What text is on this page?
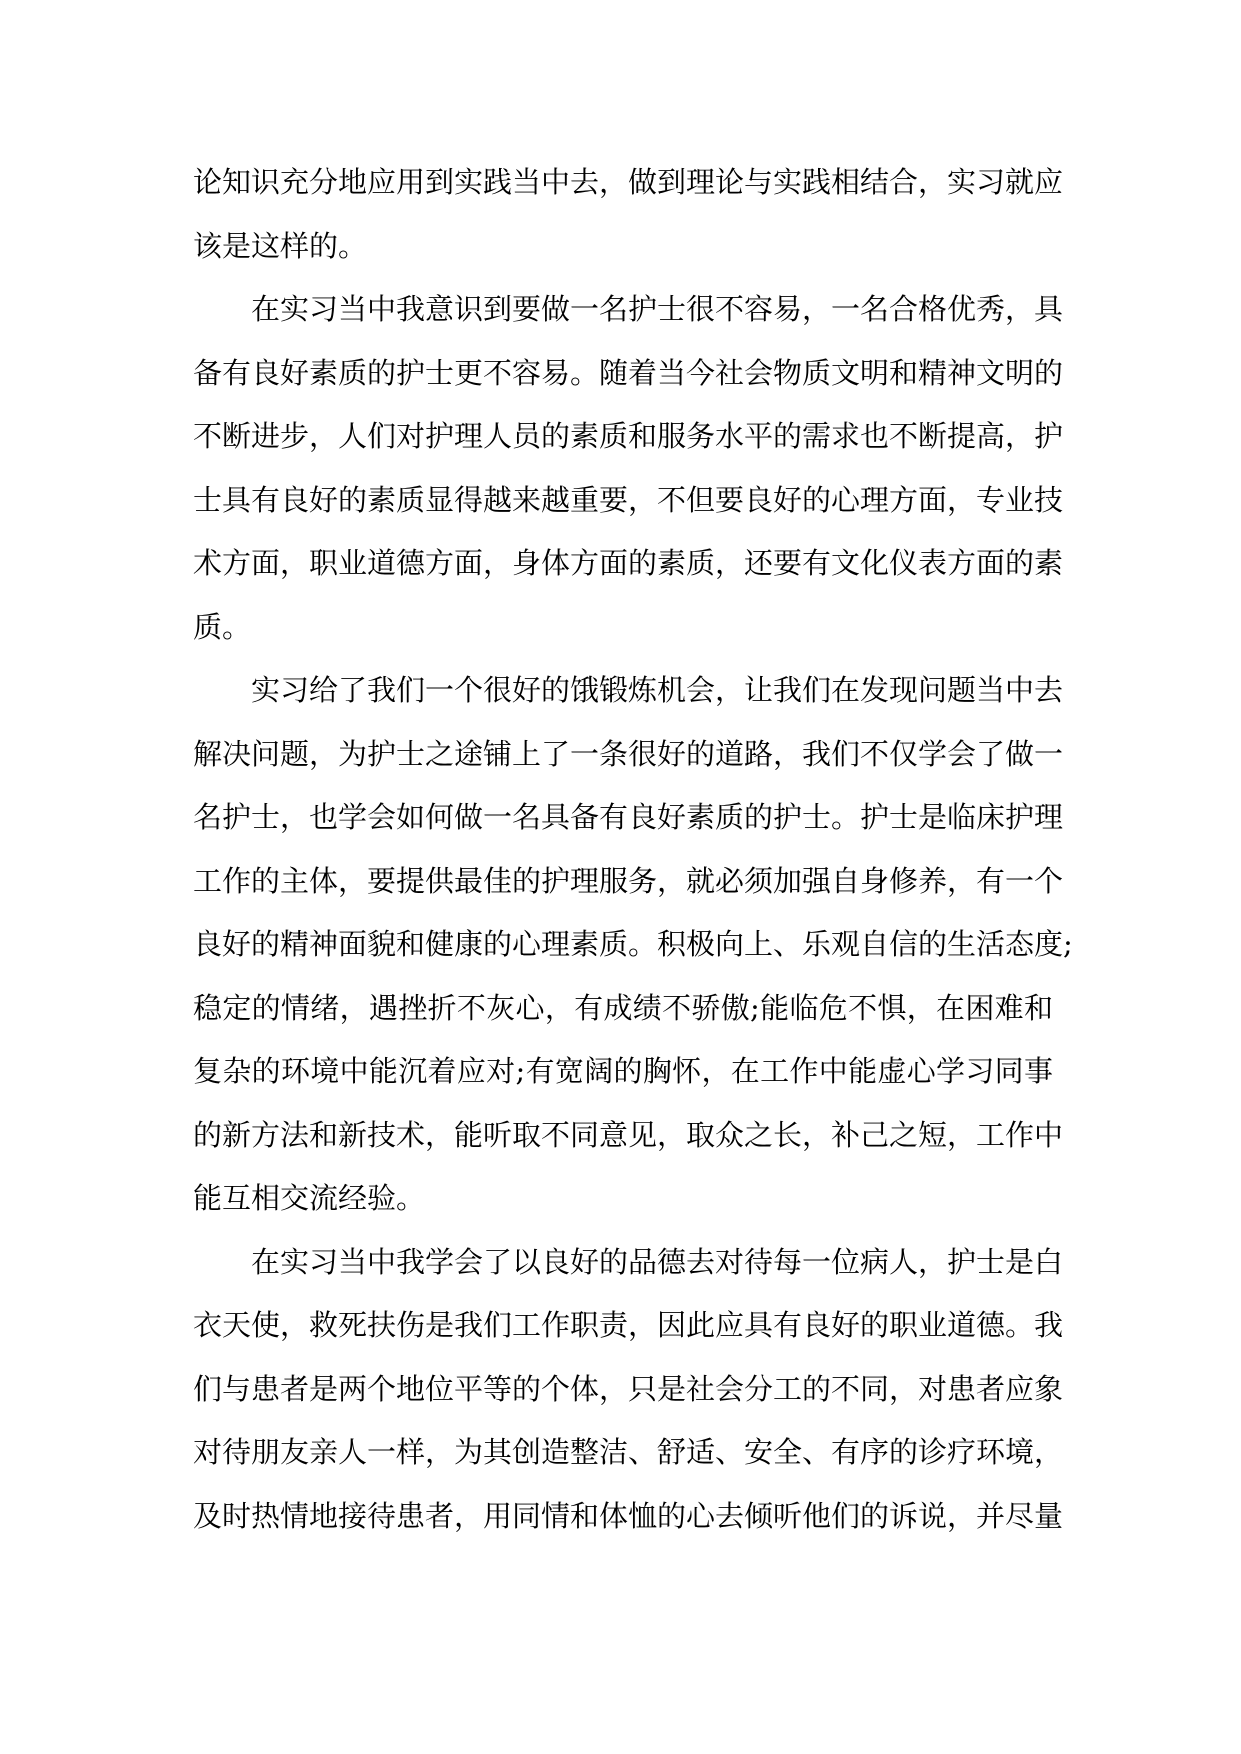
论知识充分地应用到实践当中去，做到理论与实践相结合，实习就应
该是这样的。
在实习当中我意识到要做一名护士很不容易，一名合格优秀，具
备有良好素质的护士更不容易。随着当今社会物质文明和精神文明的
不断进步，人们对护理人员的素质和服务水平的需求也不断提高，护
士具有良好的素质显得越来越重要，不但要良好的心理方面，专业技
术方面，职业道德方面，身体方面的素质，还要有文化仪表方面的素
质。
实习给了我们一个很好的饿锻炼机会，让我们在发现问题当中去
解决问题，为护士之途铺上了一条很好的道路，我们不仅学会了做一
名护士，也学会如何做一名具备有良好素质的护士。护士是临床护理
工作的主体，要提供最佳的护理服务，就必须加强自身修养，有一个
良好的精神面貌和健康的心理素质。积极向上、乐观自信的生活态度;
稳定的情绪，遇挫折不灰心，有成绩不骄傲;能临危不惧，在困难和
复杂的环境中能沉着应对;有宽阔的胸怀，在工作中能虚心学习同事
的新方法和新技术，能听取不同意见，取众之长，补己之短，工作中
能互相交流经验。
在实习当中我学会了以良好的品德去对待每一位病人，护士是白
衣天使，救死扶伤是我们工作职责，因此应具有良好的职业道德。我
们与患者是两个地位平等的个体，只是社会分工的不同，对患者应象
对待朋友亲人一样，为其创造整洁、舒适、安全、有序的诊疗环境，
及时热情地接待患者，用同情和体恤的心去倾听他们的诉说，并尽量
